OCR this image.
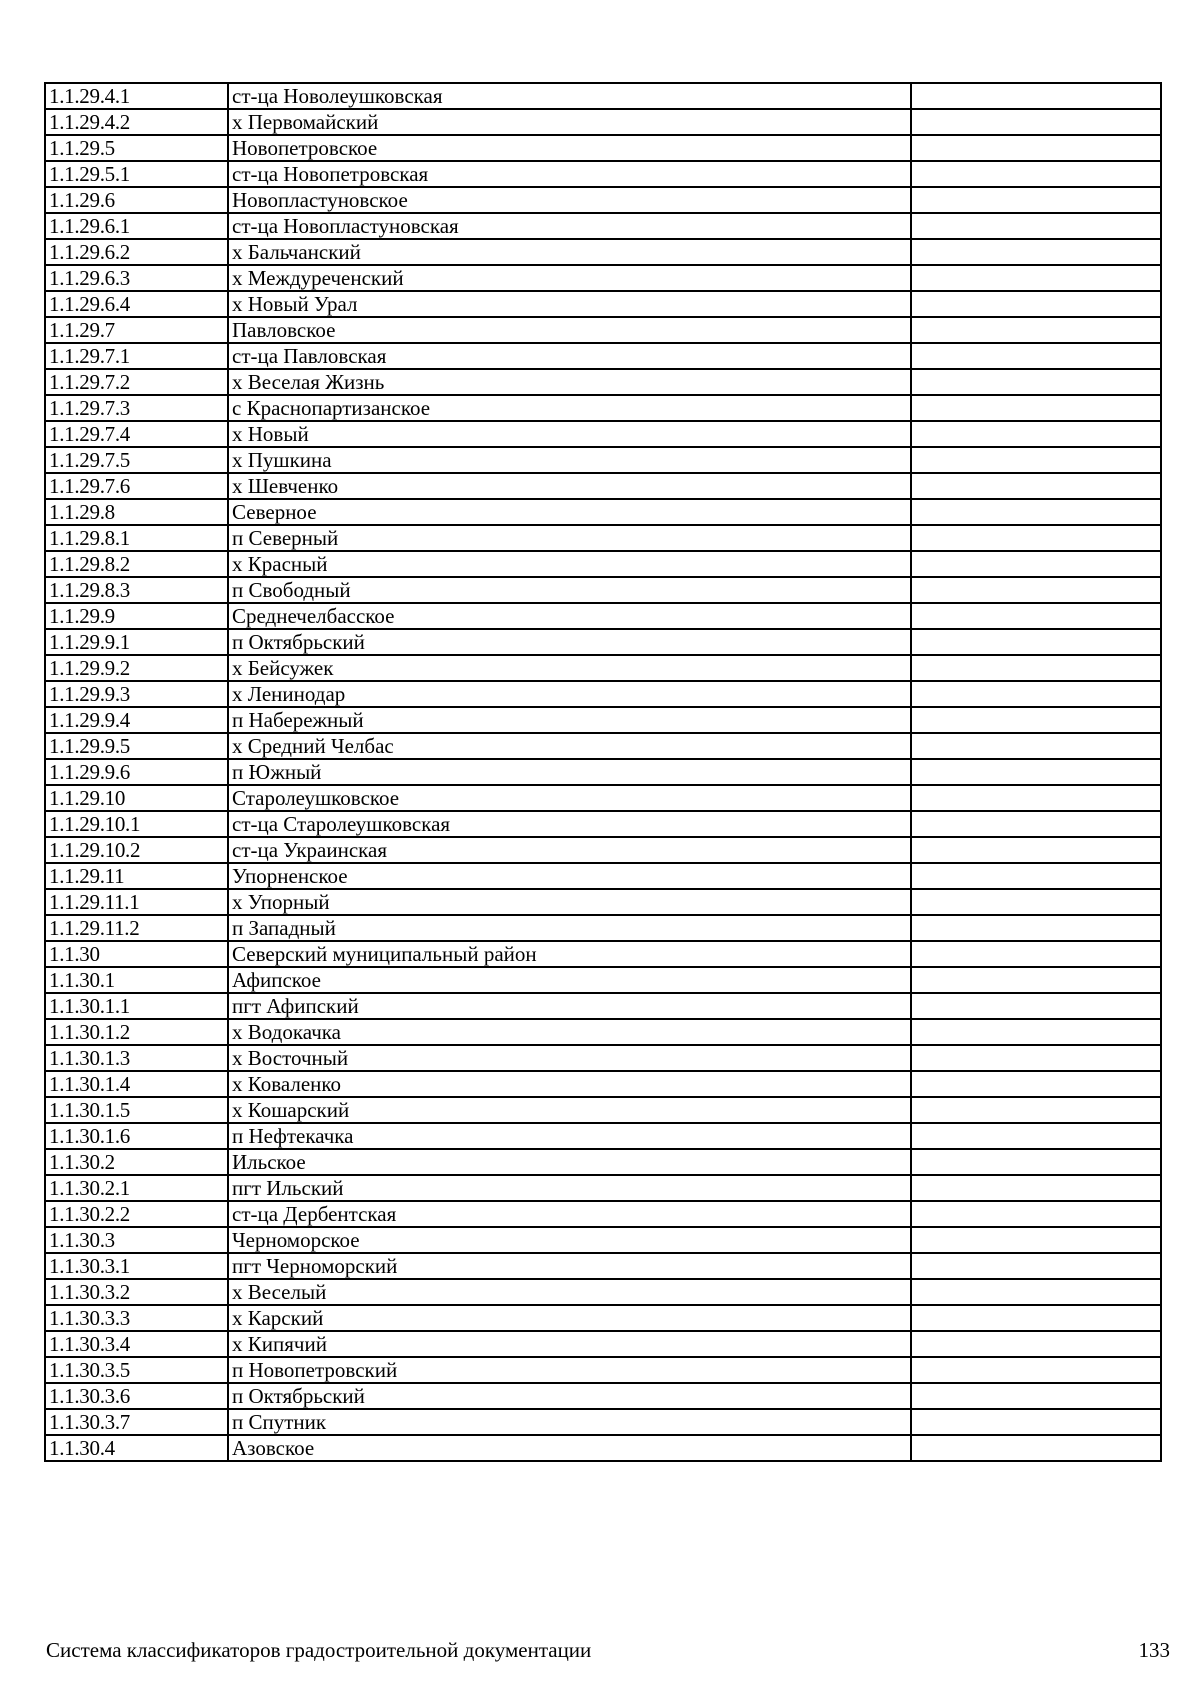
1.1.29.4.1	ст-ца Новолеушковская	
1.1.29.4.2	х Первомайский	
1.1.29.5	Новопетровское	
1.1.29.5.1	ст-ца Новопетровская	
1.1.29.6	Новопластуновское	
1.1.29.6.1	ст-ца Новопластуновская	
1.1.29.6.2	х Бальчанский	
1.1.29.6.3	х Междуреченский	
1.1.29.6.4	х Новый Урал	
1.1.29.7	Павловское	
1.1.29.7.1	ст-ца Павловская	
1.1.29.7.2	х Веселая Жизнь	
1.1.29.7.3	с Краснопартизанское	
1.1.29.7.4	х Новый	
1.1.29.7.5	х Пушкина	
1.1.29.7.6	х Шевченко	
1.1.29.8	Северное	
1.1.29.8.1	п Северный	
1.1.29.8.2	х Красный	
1.1.29.8.3	п Свободный	
1.1.29.9	Среднечелбасское	
1.1.29.9.1	п Октябрьский	
1.1.29.9.2	х Бейсужек	
1.1.29.9.3	х Ленинодар	
1.1.29.9.4	п Набережный	
1.1.29.9.5	х Средний Челбас	
1.1.29.9.6	п Южный	
1.1.29.10	Старолеушковское	
1.1.29.10.1	ст-ца Старолеушковская	
1.1.29.10.2	ст-ца Украинская	
1.1.29.11	Упорненское	
1.1.29.11.1	х Упорный	
1.1.29.11.2	п Западный	
1.1.30	Северский муниципальный район	
1.1.30.1	Афипское	
1.1.30.1.1	пгт Афипский	
1.1.30.1.2	х Водокачка	
1.1.30.1.3	х Восточный	
1.1.30.1.4	х Коваленко	
1.1.30.1.5	х Кошарский	
1.1.30.1.6	п Нефтекачка	
1.1.30.2	Ильское	
1.1.30.2.1	пгт Ильский	
1.1.30.2.2	ст-ца Дербентская	
1.1.30.3	Черноморское	
1.1.30.3.1	пгт Черноморский	
1.1.30.3.2	х Веселый	
1.1.30.3.3	х Карский	
1.1.30.3.4	х Кипячий	
1.1.30.3.5	п Новопетровский	
1.1.30.3.6	п Октябрьский	
1.1.30.3.7	п Спутник	
1.1.30.4	Азовское	
Система классификаторов градостроительной документации	133
